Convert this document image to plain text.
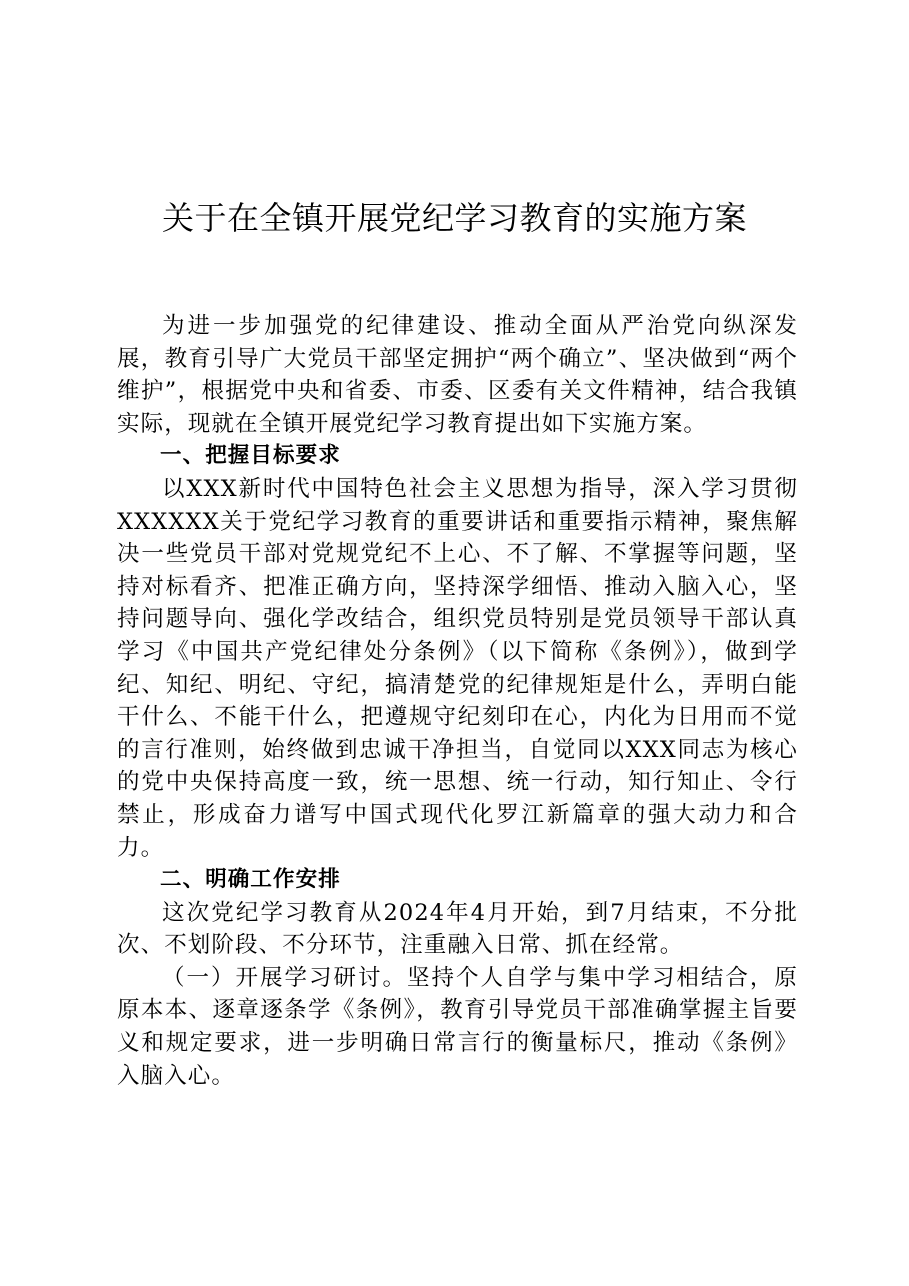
关于在全镇开展党纪学习教育的实施方案

为进一步加强党的纪律建设、推动全面从严治党向纵深发展，教育引导广大党员干部坚定拥护“两个确立”、坚决做到“两个维护”，根据党中央和省委、市委、区委有关文件精神，结合我镇实际，现就在全镇开展党纪学习教育提出如下实施方案。

一、把握目标要求

以XXX新时代中国特色社会主义思想为指导，深入学习贯彻XXXXXX关于党纪学习教育的重要讲话和重要指示精神，聚焦解决一些党员干部对党规党纪不上心、不了解、不掌握等问题，坚持对标看齐、把准正确方向，坚持深学细悟、推动入脑入心，坚持问题导向、强化学改结合，组织党员特别是党员领导干部认真学习《中国共产党纪律处分条例》（以下简称《条例》），做到学纪、知纪、明纪、守纪，搞清楚党的纪律规矩是什么，弄明白能干什么、不能干什么，把遵规守纪刻印在心，内化为日用而不觉的言行准则，始终做到忠诚干净担当，自觉同以XXX同志为核心的党中央保持高度一致，统一思想、统一行动，知行知止、令行禁止，形成奋力谱写中国式现代化罗江新篇章的强大动力和合力。

二、明确工作安排

这次党纪学习教育从2024年4月开始，到7月结束，不分批次、不划阶段、不分环节，注重融入日常、抓在经常。

（一）开展学习研讨。坚持个人自学与集中学习相结合，原原本本、逐章逐条学《条例》，教育引导党员干部准确掌握主旨要义和规定要求，进一步明确日常言行的衡量标尺，推动《条例》入脑入心。
